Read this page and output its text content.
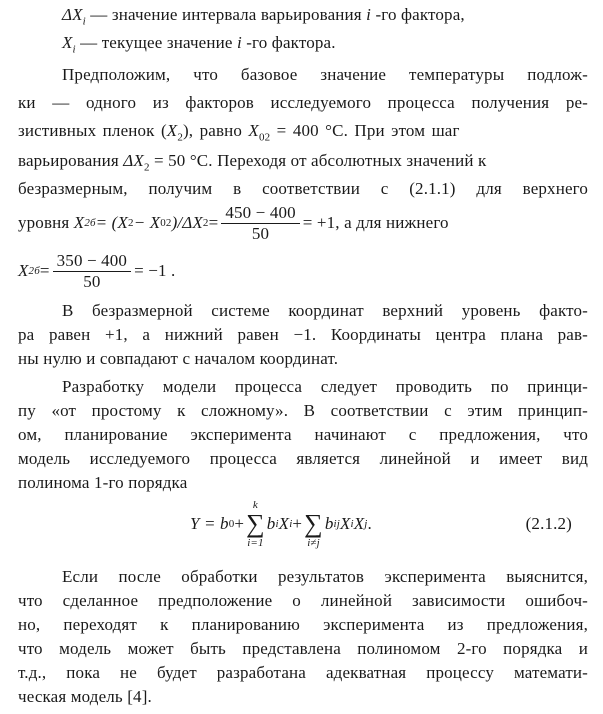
$\Delta X_i$ — значение интервала варьирования i -го фактора,
$X_i$ — текущее значение i -го фактора.
Предположим, что базовое значение температуры подлож-
ки — одного из факторов исследуемого процесса получения ре-
зистивных пленок $(X_2)$, равно $X_{02} = 400$ °С. При этом шаг
варьирования $\Delta X_2 = 50$ °С. Переходя от абсолютных значений к
безразмерным, получим в соответствии с (2.1.1) для верхнего
уровня
X 2б = (X 2 − X 02 )/ΔX $2 = \frac{450 - 400}{50} = +1$, а для нижнего
X $2б = \frac{350 - 400}{50} = -1$ .
В безразмерной системе координат верхний уровень факто-
ра равен +1, а нижний равен −1. Координаты центра плана рав-
ны нулю и совпадают с началом координат.
Разработку модели процесса следует проводить по принци-
пу «от простому к сложному». В соответствии с этим принцип-
ом, планирование эксперимента начинают с предложения, что
модель исследуемого процесса является линейной и имеет вид
полинома 1-го порядка
Y = b 0 +
k
∑
i=1
b i X i + ∑
i≠j
b ij X i X j .	(2.1.2)
Если после обработки результатов эксперимента выяснится,
что сделанное предположение о линейной зависимости ошибоч-
но, переходят к планированию эксперимента из предложения,
что модель может быть представлена полиномом 2-го порядка и
т.д., пока не будет разработана адекватная процессу математи-
ческая модель [4].
